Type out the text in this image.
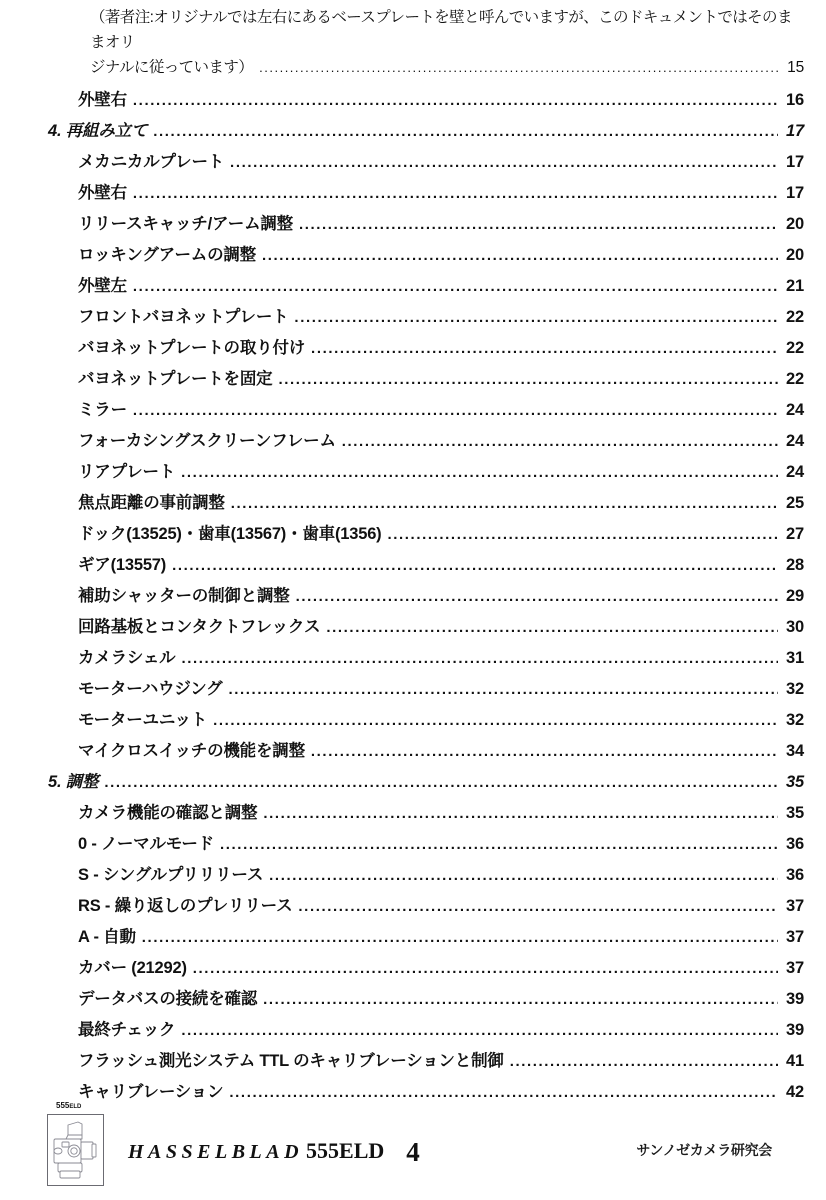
（著者注:オリジナルでは左右にあるベースプレートを壁と呼んでいますが、このドキュメントではそのままオリ
ジナルに従っています） .....	15
外壁右 .....	16
4. 再組み立て .....	17
メカニカルプレート .....	17
外壁右 .....	17
リリースキャッチ/アーム調整 .....	20
ロッキングアームの調整 .....	20
外壁左 .....	21
フロントバヨネットプレート .....	22
バヨネットプレートの取り付け .....	22
バヨネットプレートを固定 .....	22
ミラー .....	24
フォーカシングスクリーンフレーム .....	24
リアプレート .....	24
焦点距離の事前調整 .....	25
ドック(13525)・歯車(13567)・歯車(1356) .....	27
ギア(13557) .....	28
補助シャッターの制御と調整 .....	29
回路基板とコンタクトフレックス .....	30
カメラシェル .....	31
モーターハウジング .....	32
モーターユニット .....	32
マイクロスイッチの機能を調整 .....	34
5. 調整 .....	35
カメラ機能の確認と調整 .....	35
0 - ノーマルモード .....	36
S - シングルプリリリース .....	36
RS - 繰り返しのプレリリース .....	37
A - 自動 .....	37
カバー (21292) .....	37
データバスの接続を確認 .....	39
最終チェック .....	39
フラッシュ測光システム TTL のキャリブレーションと制御 .....	41
キャリブレーション .....	42
555ELD
HASSELBLAD 555ELD 4	サンノゼカメラ研究会
